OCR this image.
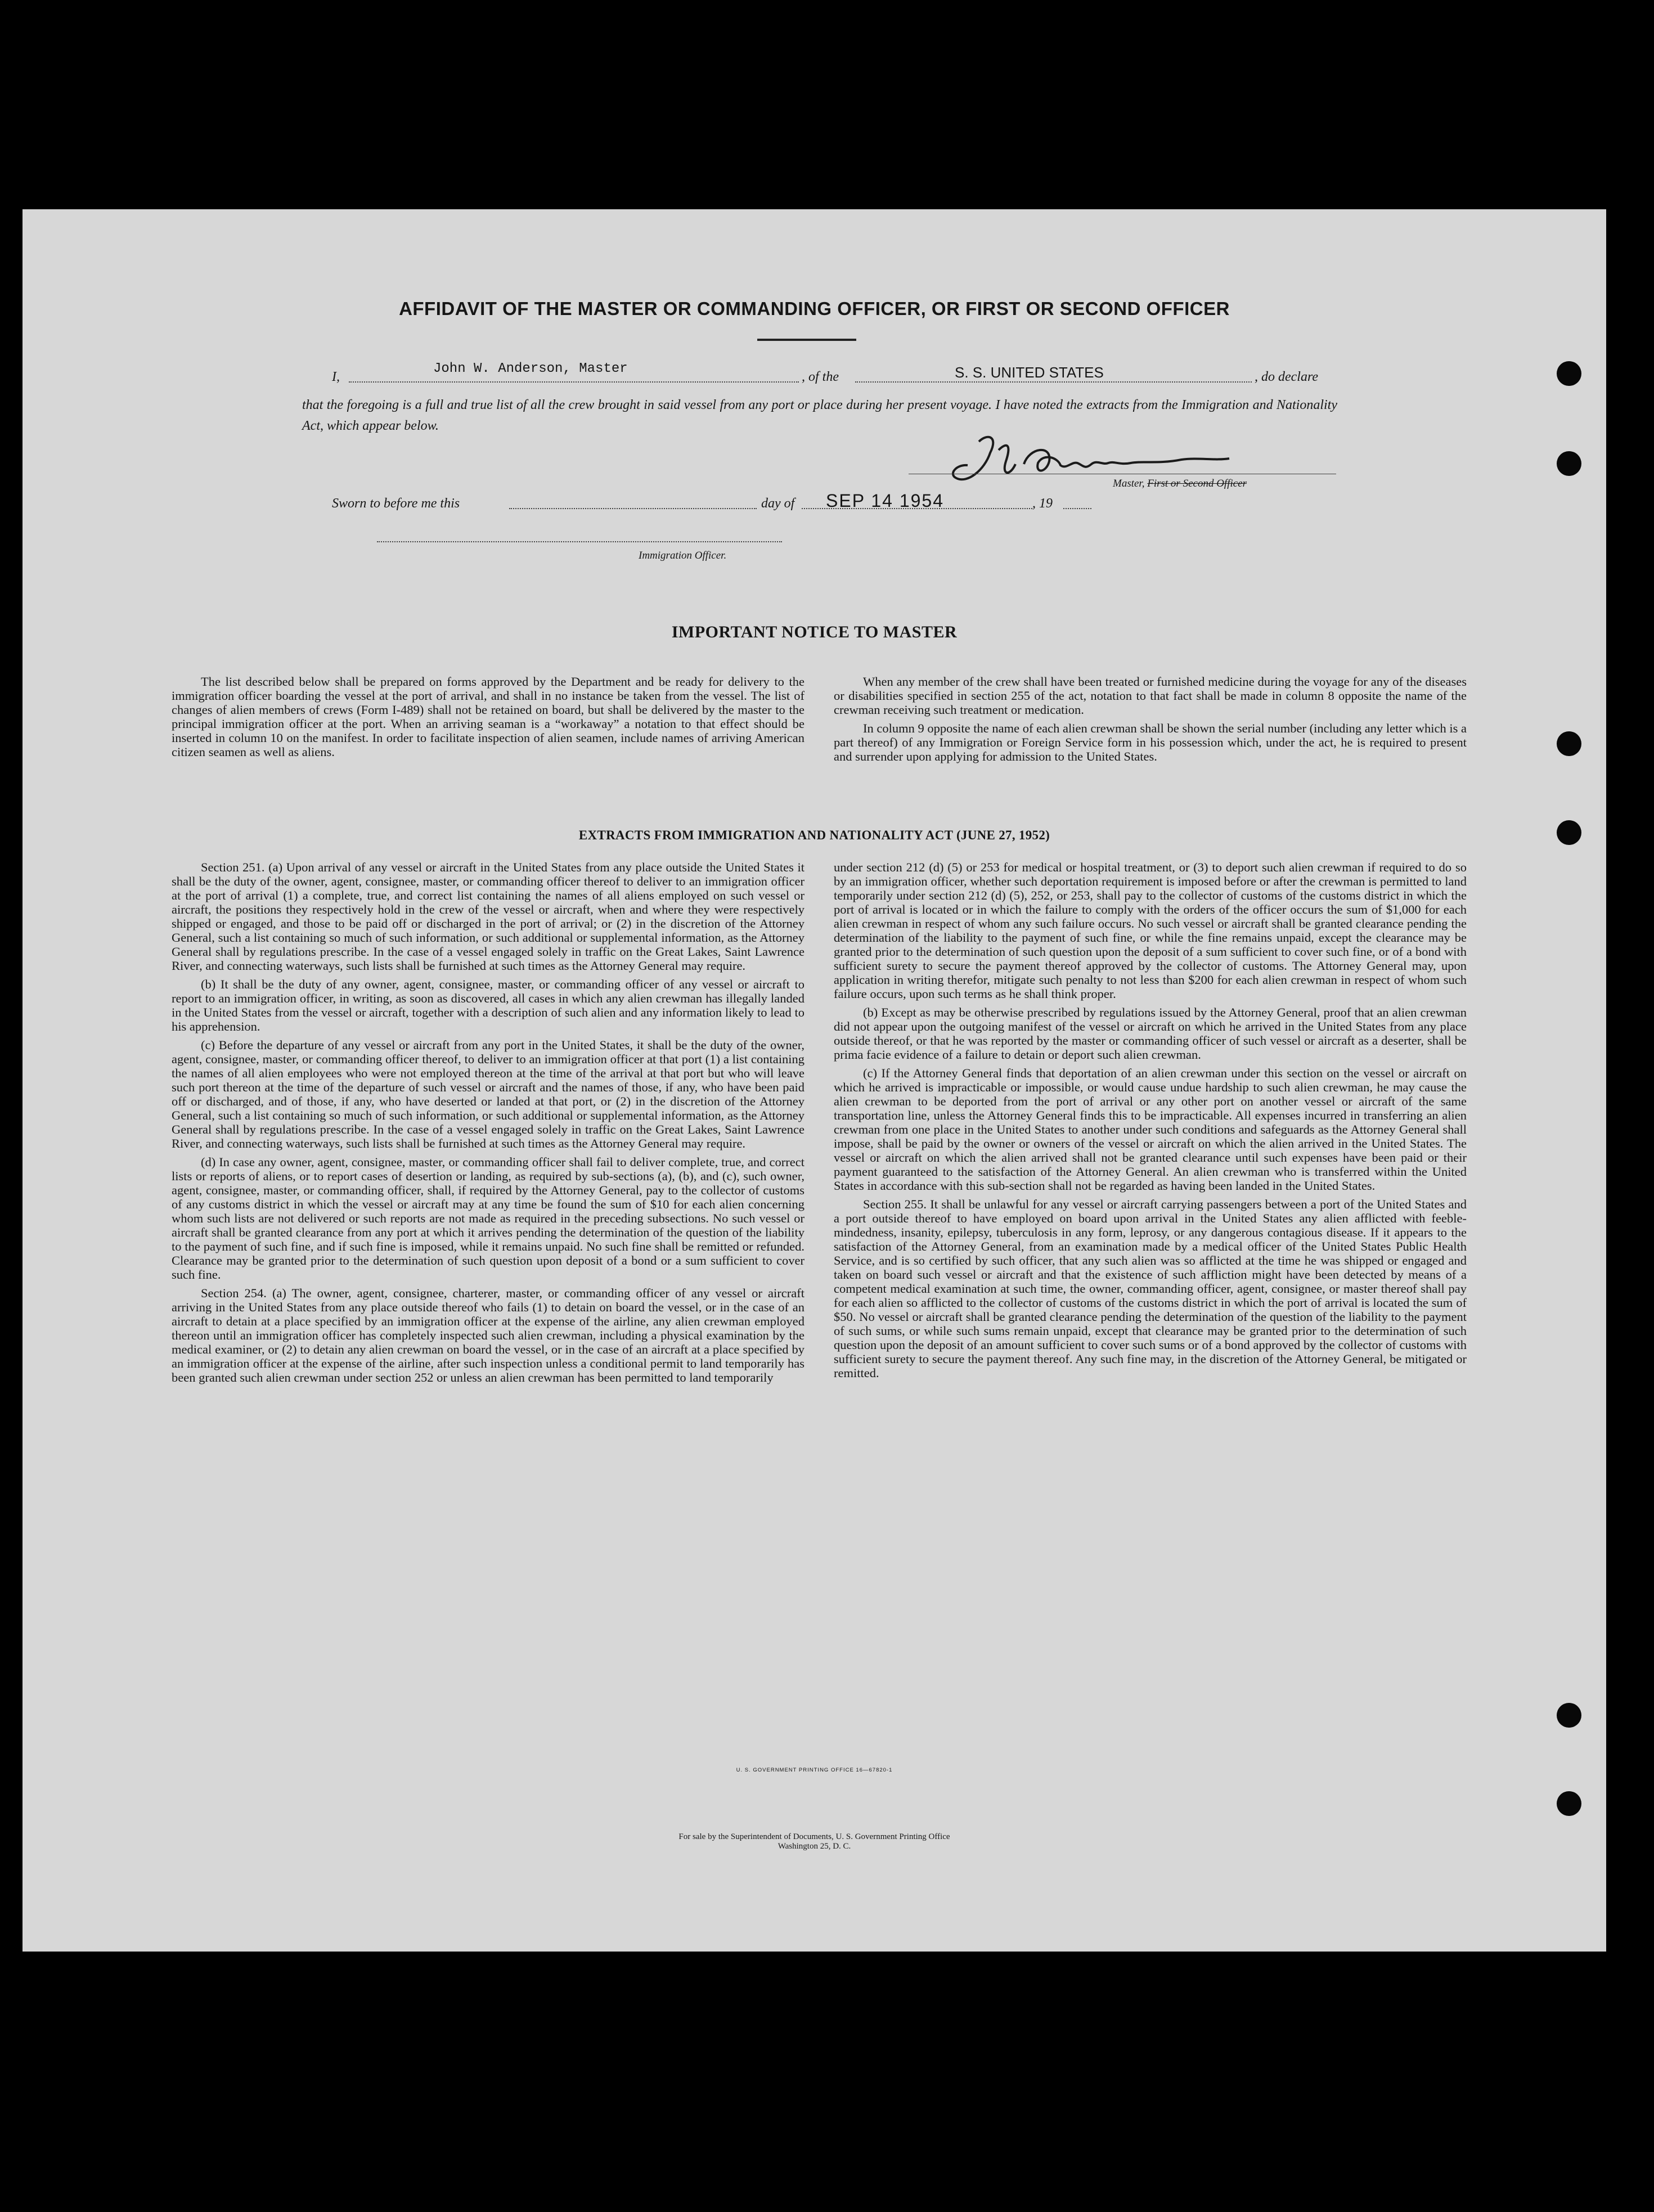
AFFIDAVIT OF THE MASTER OR COMMANDING OFFICER, OR FIRST OR SECOND OFFICER
I,
John W. Anderson, Master
, of the	S. S. UNITED STATES	, do declare
that the foregoing is a full and true list of all the crew brought in said vessel from any port or place during her present voyage. I have noted the extracts from the Immigration and Nationality Act, which appear below.
Master, First or Second Officer
Sworn to before me this	day of SEP 14 1954	, 19
Immigration Officer.
IMPORTANT NOTICE TO MASTER

The list described below shall be prepared on forms approved by the Department and be ready for delivery to the immigration officer boarding the vessel at the port of arrival, and shall in no instance be taken from the vessel. The list of changes of alien members of crews (Form I-489) shall not be retained on board, but shall be delivered by the master to the principal immigration officer at the port. When an arriving seaman is a “workaway” a notation to that effect should be inserted in column 10 on the manifest. In order to facilitate inspection of alien seamen, include names of arriving American citizen seamen as well as aliens.

When any member of the crew shall have been treated or furnished medicine during the voyage for any of the diseases or disabilities specified in section 255 of the act, notation to that fact shall be made in column 8 opposite the name of the crewman receiving such treatment or medication.

In column 9 opposite the name of each alien crewman shall be shown the serial number (including any letter which is a part thereof) of any Immigration or Foreign Service form in his possession which, under the act, he is required to present and surrender upon applying for admission to the United States.

EXTRACTS FROM IMMIGRATION AND NATIONALITY ACT (JUNE 27, 1952)

Section 251. (a) Upon arrival of any vessel or aircraft in the United States from any place outside the United States it shall be the duty of the owner, agent, consignee, master, or commanding officer thereof to deliver to an immigration officer at the port of arrival (1) a complete, true, and correct list containing the names of all aliens employed on such vessel or aircraft, the positions they respectively hold in the crew of the vessel or aircraft, when and where they were respectively shipped or engaged, and those to be paid off or discharged in the port of arrival; or (2) in the discretion of the Attorney General, such a list containing so much of such information, or such additional or supplemental information, as the Attorney General shall by regulations prescribe. In the case of a vessel engaged solely in traffic on the Great Lakes, Saint Lawrence River, and connecting waterways, such lists shall be furnished at such times as the Attorney General may require.

(b) It shall be the duty of any owner, agent, consignee, master, or commanding officer of any vessel or aircraft to report to an immigration officer, in writing, as soon as discovered, all cases in which any alien crewman has illegally landed in the United States from the vessel or aircraft, together with a description of such alien and any information likely to lead to his apprehension.

(c) Before the departure of any vessel or aircraft from any port in the United States, it shall be the duty of the owner, agent, consignee, master, or commanding officer thereof, to deliver to an immigration officer at that port (1) a list containing the names of all alien employees who were not employed thereon at the time of the arrival at that port but who will leave such port thereon at the time of the departure of such vessel or aircraft and the names of those, if any, who have been paid off or discharged, and of those, if any, who have deserted or landed at that port, or (2) in the discretion of the Attorney General, such a list containing so much of such information, or such additional or supplemental information, as the Attorney General shall by regulations prescribe. In the case of a vessel engaged solely in traffic on the Great Lakes, Saint Lawrence River, and connecting waterways, such lists shall be furnished at such times as the Attorney General may require.

(d) In case any owner, agent, consignee, master, or commanding officer shall fail to deliver complete, true, and correct lists or reports of aliens, or to report cases of desertion or landing, as required by sub-sections (a), (b), and (c), such owner, agent, consignee, master, or commanding officer, shall, if required by the Attorney General, pay to the collector of customs of any customs district in which the vessel or aircraft may at any time be found the sum of $10 for each alien concerning whom such lists are not delivered or such reports are not made as required in the preceding subsections. No such vessel or aircraft shall be granted clearance from any port at which it arrives pending the determination of the question of the liability to the payment of such fine, and if such fine is imposed, while it remains unpaid. No such fine shall be remitted or refunded. Clearance may be granted prior to the determination of such question upon deposit of a bond or a sum sufficient to cover such fine.

Section 254. (a) The owner, agent, consignee, charterer, master, or commanding officer of any vessel or aircraft arriving in the United States from any place outside thereof who fails (1) to detain on board the vessel, or in the case of an aircraft to detain at a place specified by an immigration officer at the expense of the airline, any alien crewman employed thereon until an immigration officer has completely inspected such alien crewman, including a physical examination by the medical examiner, or (2) to detain any alien crewman on board the vessel, or in the case of an aircraft at a place specified by an immigration officer at the expense of the airline, after such inspection unless a conditional permit to land temporarily has been granted such alien crewman under section 252 or unless an alien crewman has been permitted to land temporarily

under section 212 (d) (5) or 253 for medical or hospital treatment, or (3) to deport such alien crewman if required to do so by an immigration officer, whether such deportation requirement is imposed before or after the crewman is permitted to land temporarily under section 212 (d) (5), 252, or 253, shall pay to the collector of customs of the customs district in which the port of arrival is located or in which the failure to comply with the orders of the officer occurs the sum of $1,000 for each alien crewman in respect of whom any such failure occurs. No such vessel or aircraft shall be granted clearance pending the determination of the liability to the payment of such fine, or while the fine remains unpaid, except the clearance may be granted prior to the determination of such question upon the deposit of a sum sufficient to cover such fine, or of a bond with sufficient surety to secure the payment thereof approved by the collector of customs. The Attorney General may, upon application in writing therefor, mitigate such penalty to not less than $200 for each alien crewman in respect of whom such failure occurs, upon such terms as he shall think proper.

(b) Except as may be otherwise prescribed by regulations issued by the Attorney General, proof that an alien crewman did not appear upon the outgoing manifest of the vessel or aircraft on which he arrived in the United States from any place outside thereof, or that he was reported by the master or commanding officer of such vessel or aircraft as a deserter, shall be prima facie evidence of a failure to detain or deport such alien crewman.

(c) If the Attorney General finds that deportation of an alien crewman under this section on the vessel or aircraft on which he arrived is impracticable or impossible, or would cause undue hardship to such alien crewman, he may cause the alien crewman to be deported from the port of arrival or any other port on another vessel or aircraft of the same transportation line, unless the Attorney General finds this to be impracticable. All expenses incurred in transferring an alien crewman from one place in the United States to another under such conditions and safeguards as the Attorney General shall impose, shall be paid by the owner or owners of the vessel or aircraft on which the alien arrived in the United States. The vessel or aircraft on which the alien arrived shall not be granted clearance until such expenses have been paid or their payment guaranteed to the satisfaction of the Attorney General. An alien crewman who is transferred within the United States in accordance with this sub-section shall not be regarded as having been landed in the United States.

Section 255. It shall be unlawful for any vessel or aircraft carrying passengers between a port of the United States and a port outside thereof to have employed on board upon arrival in the United States any alien afflicted with feeble-mindedness, insanity, epilepsy, tuberculosis in any form, leprosy, or any dangerous contagious disease. If it appears to the satisfaction of the Attorney General, from an examination made by a medical officer of the United States Public Health Service, and is so certified by such officer, that any such alien was so afflicted at the time he was shipped or engaged and taken on board such vessel or aircraft and that the existence of such affliction might have been detected by means of a competent medical examination at such time, the owner, commanding officer, agent, consignee, or master thereof shall pay for each alien so afflicted to the collector of customs of the customs district in which the port of arrival is located the sum of $50. No vessel or aircraft shall be granted clearance pending the determination of the question of the liability to the payment of such sums, or while such sums remain unpaid, except that clearance may be granted prior to the determination of such question upon the deposit of an amount sufficient to cover such sums or of a bond approved by the collector of customs with sufficient surety to secure the payment thereof. Any such fine may, in the discretion of the Attorney General, be mitigated or remitted.

U. S. GOVERNMENT PRINTING OFFICE 16—67820-1
For sale by the Superintendent of Documents, U. S. Government Printing Office
Washington 25, D. C.
